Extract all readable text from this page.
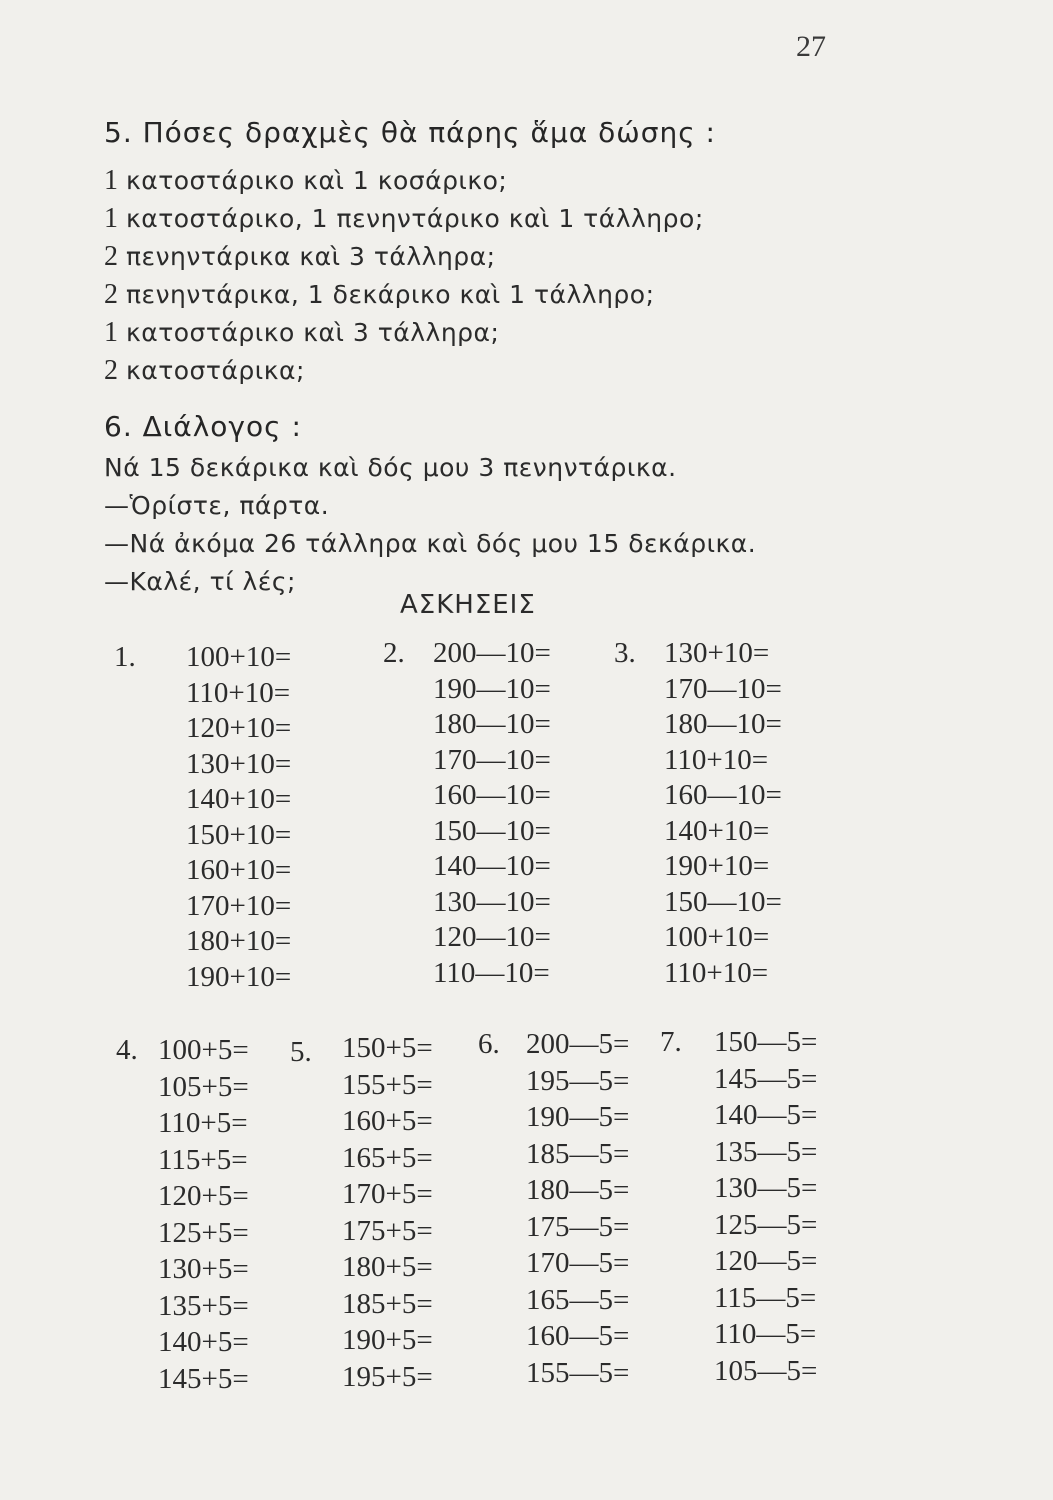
27
5. Πόσες δραχμὲς θὰ πάρης ἅμα δώσης :
1 κατοστάρικο καὶ 1 κοσάρικο;
1 κατοστάρικο, 1 πενηντάρικο καὶ 1 τάλληρο;
2 πενηντάρικα καὶ 3 τάλληρα;
2 πενηντάρικα, 1 δεκάρικο καὶ 1 τάλληρο;
1 κατοστάρικο καὶ 3 τάλληρα;
2 κατοστάρικα;
6. Διάλογος :
Νά 15 δεκάρικα καὶ δός μου 3 πενηντάρικα.
—Ὁρίστε, πάρτα.
—Νά ἀκόμα 26 τάλληρα καὶ δός μου 15 δεκάρικα.
—Καλέ, τί λές;
ΑΣΚΗΣΕΙΣ
1. 100+10=
110+10=
120+10=
130+10=
140+10=
150+10=
160+10=
170+10=
180+10=
190+10=
2. 200—10=
190—10=
180—10=
170—10=
160—10=
150—10=
140—10=
130—10=
120—10=
110—10=
3. 130+10=
170—10=
180—10=
110+10=
160—10=
140+10=
190+10=
150—10=
100+10=
110+10=
4. 100+5=
105+5=
110+5=
115+5=
120+5=
125+5=
130+5=
135+5=
140+5=
145+5=
5. 150+5=
155+5=
160+5=
165+5=
170+5=
175+5=
180+5=
185+5=
190+5=
195+5=
6. 200—5=
195—5=
190—5=
185—5=
180—5=
175—5=
170—5=
165—5=
160—5=
155—5=
7. 150—5=
145—5=
140—5=
135—5=
130—5=
125—5=
120—5=
115—5=
110—5=
105—5=
